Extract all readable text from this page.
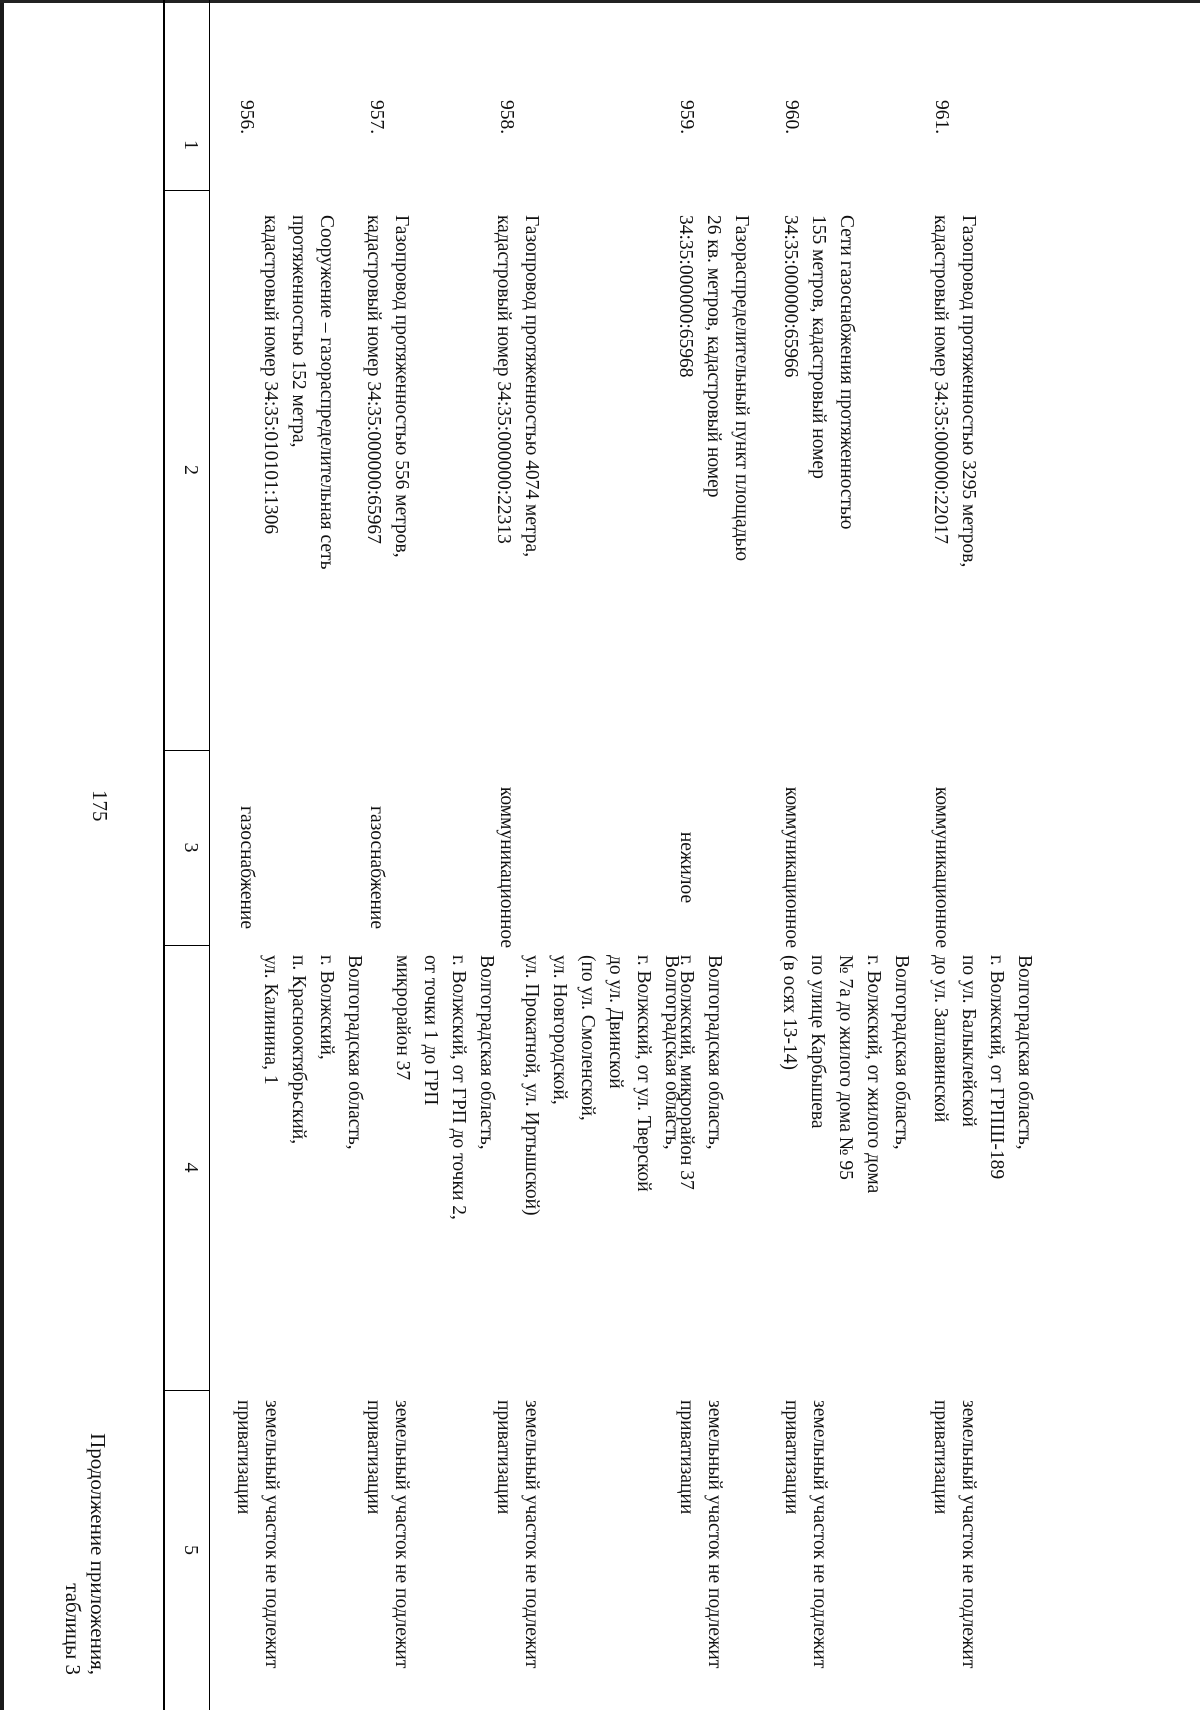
175
Продолжение приложения,
таблицы 3
1
2
3
4
5
956.
Сооружение – газораспределительная сеть
протяженностью 152 метра,
кадастровый номер 34:35:010101:1306
газоснабжение
Волгоградская область,
г. Волжский,
п. Краснооктябрьский,
ул. Калинина, 1
земельный участок не подлежит
приватизации
957.
Газопровод протяженностью 556 метров,
кадастровый номер 34:35:000000:65967
газоснабжение
Волгоградская область,
г. Волжский, от ГРП до точки 2,
от точки 1 до ГРП
микрорайон 37
земельный участок не подлежит
приватизации
958.
Газопровод протяженностью 4074 метра,
кадастровый номер 34:35:000000:22313
коммуникационное
Волгоградская область,
г. Волжский, от ул. Тверской
до ул. Двинской
(по ул. Смоленской,
ул. Новгородской,
ул. Прокатной, ул. Иртышской)
земельный участок не подлежит
приватизации
959.
Газораспределительный пункт площадью
26 кв. метров, кадастровый номер
34:35:000000:65968
нежилое
Волгоградская область,
г. Волжский, микрорайон 37
земельный участок не подлежит
приватизации
960.
Сети газоснабжения протяженностью
155 метров, кадастровый номер
34:35:000000:65966
коммуникационное
Волгоградская область,
г. Волжский, от жилого дома
№ 7а до жилого дома № 95
по улице Карбышева
(в осях 13-14)
земельный участок не подлежит
приватизации
961.
Газопровод протяженностью 3295 метров,
кадастровый номер 34:35:000000:22017
коммуникационное
Волгоградская область,
г. Волжский, от ГРПШ-189
по ул. Балыклейской
до ул. Заплавинской
земельный участок не подлежит
приватизации
